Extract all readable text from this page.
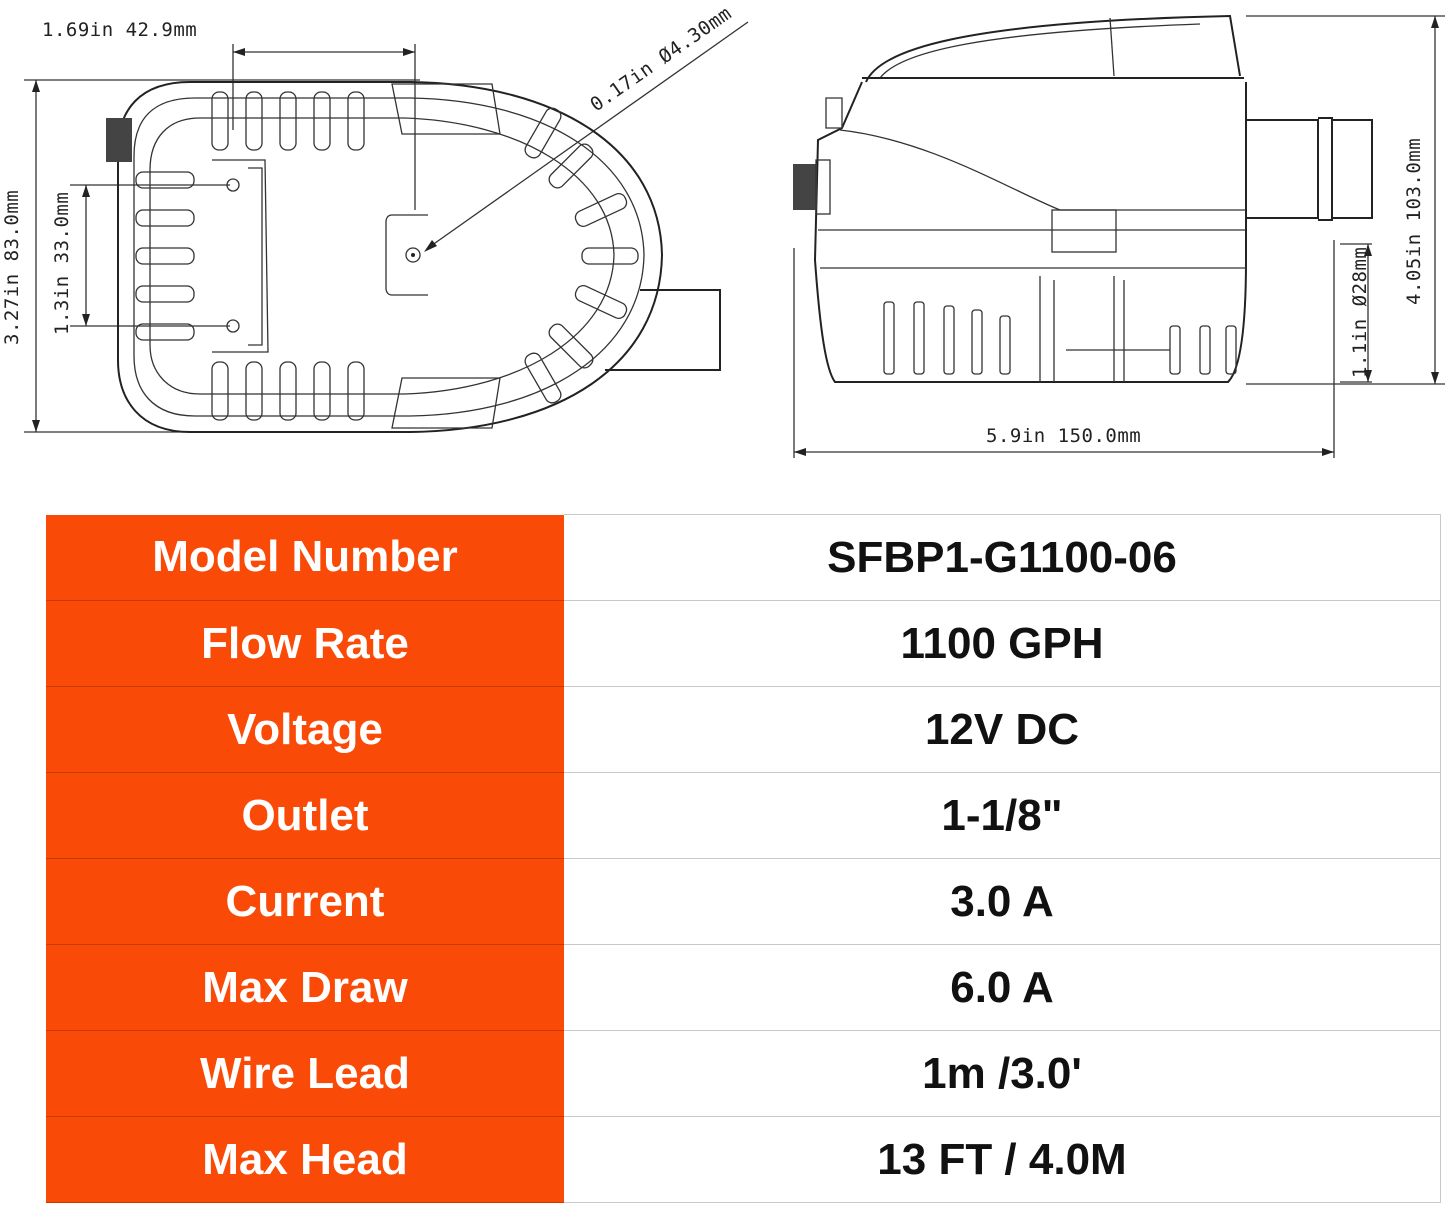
1.69in 42.9mm
3.27in 83.0mm 1.3in 33.0mm
0.17in Ø4.30mm
5.9in 150.0mm
4.05in 103.0mm
1.1in Ø28mm
Model Number	SFBP1-G1100-06
Flow Rate	1100 GPH
Voltage	12V DC
Outlet	1-1/8"
Current	3.0 A
Max Draw	6.0 A
Wire Lead	1m /3.0'
Max Head	13 FT / 4.0M
